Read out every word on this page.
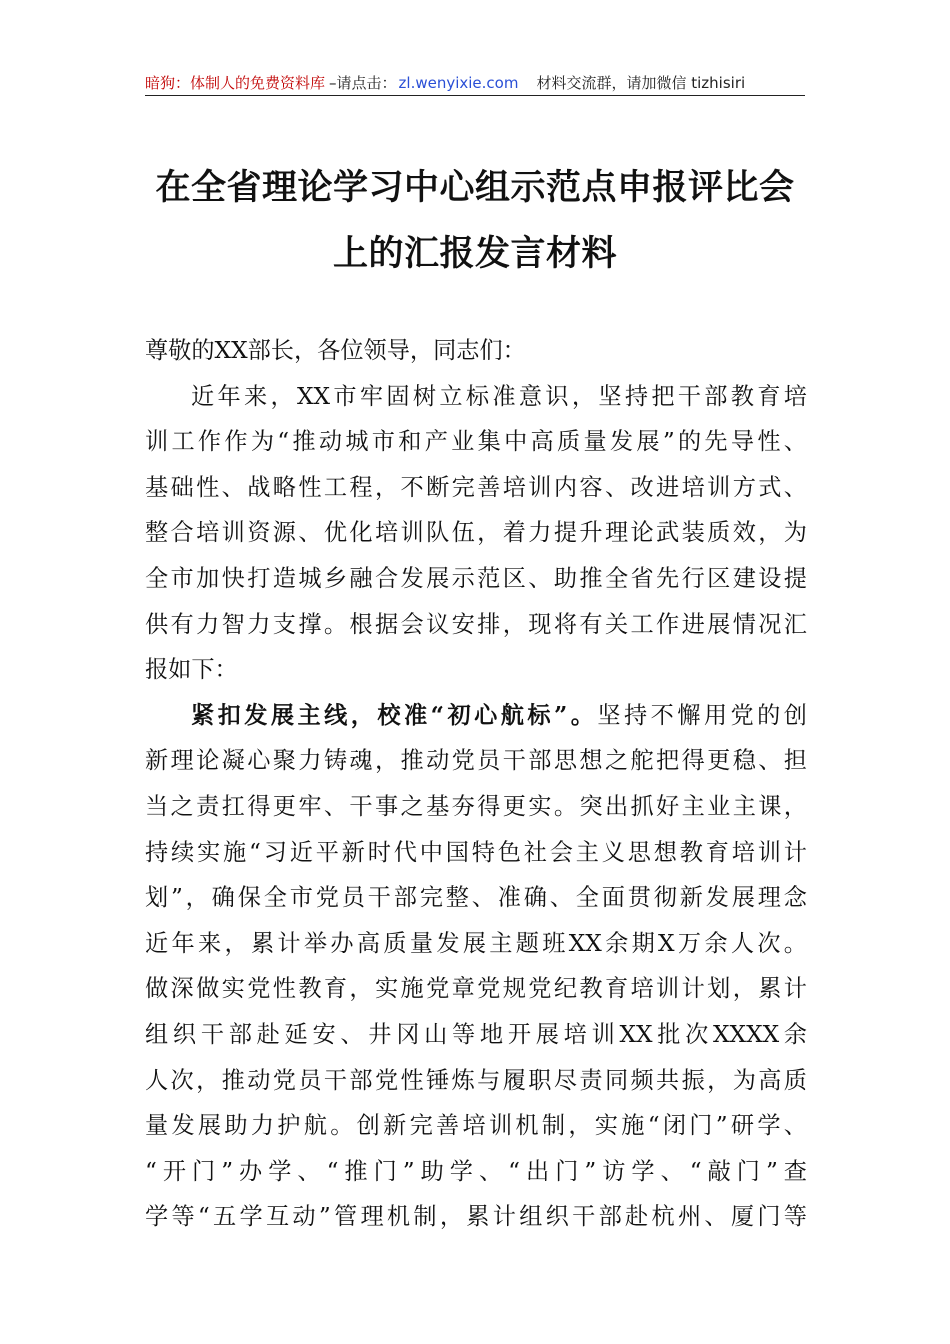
暗狗：体制人的免费资料库 –请点击： zl.wenyixie.com 材料交流群，请加微信 tizhisiri
在全省理论学习中心组示范点申报评比会
上的汇报发言材料
尊敬的XX部长，各位领导，同志们：
近年来，XX市牢固树立标准意识，坚持把干部教育培
训工作作为“推动城市和产业集中高质量发展”的先导性、
基础性、战略性工程，不断完善培训内容、改进培训方式、
整合培训资源、优化培训队伍，着力提升理论武装质效，为
全市加快打造城乡融合发展示范区、助推全省先行区建设提
供有力智力支撑。根据会议安排，现将有关工作进展情况汇
报如下：
紧扣发展主线，校准“初心航标”。坚持不懈用党的创
新理论凝心聚力铸魂，推动党员干部思想之舵把得更稳、担
当之责扛得更牢、干事之基夯得更实。突出抓好主业主课，
持续实施“习近平新时代中国特色社会主义思想教育培训计
划”，确保全市党员干部完整、准确、全面贯彻新发展理念
近年来，累计举办高质量发展主题班XX余期X万余人次。
做深做实党性教育，实施党章党规党纪教育培训计划，累计
组织干部赴延安、井冈山等地开展培训XX批次XXXX余
人次，推动党员干部党性锤炼与履职尽责同频共振，为高质
量发展助力护航。创新完善培训机制，实施“闭门”研学、
“开门”办学、“推门”助学、“出门”访学、“敲门”查
学等“五学互动”管理机制，累计组织干部赴杭州、厦门等
